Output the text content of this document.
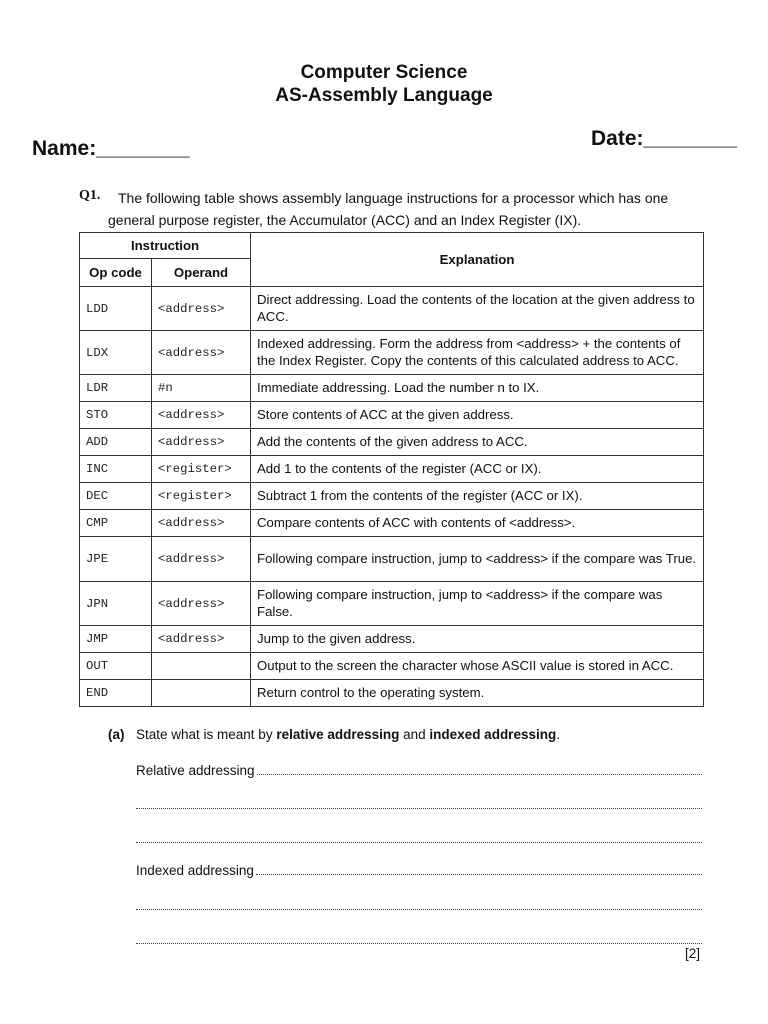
Computer Science
AS-Assembly Language
Name:________	Date:________
Q1.	The following table shows assembly language instructions for a processor which has one
general purpose register, the Accumulator (ACC) and an Index Register (IX).
Instruction		Explanation
Op code	Operand	
LDD	<address>	Direct addressing. Load the contents of the location at the given address to ACC.
LDX	<address>	Indexed addressing. Form the address from <address> + the contents of the Index Register. Copy the contents of this calculated address to ACC.
LDR	#n	Immediate addressing. Load the number n to IX.
STO	<address>	Store contents of ACC at the given address.
ADD	<address>	Add the contents of the given address to ACC.
INC	<register>	Add 1 to the contents of the register (ACC or IX).
DEC	<register>	Subtract 1 from the contents of the register (ACC or IX).
CMP	<address>	Compare contents of ACC with contents of <address>.
JPE	<address>	Following compare instruction, jump to <address> if the compare was True.
JPN	<address>	Following compare instruction, jump to <address> if the compare was False.
JMP	<address>	Jump to the given address.
OUT		Output to the screen the character whose ASCII value is stored in ACC.
END		Return control to the operating system.
(a) State what is meant by relative addressing and indexed addressing.
Relative addressing
Indexed addressing
[2]
